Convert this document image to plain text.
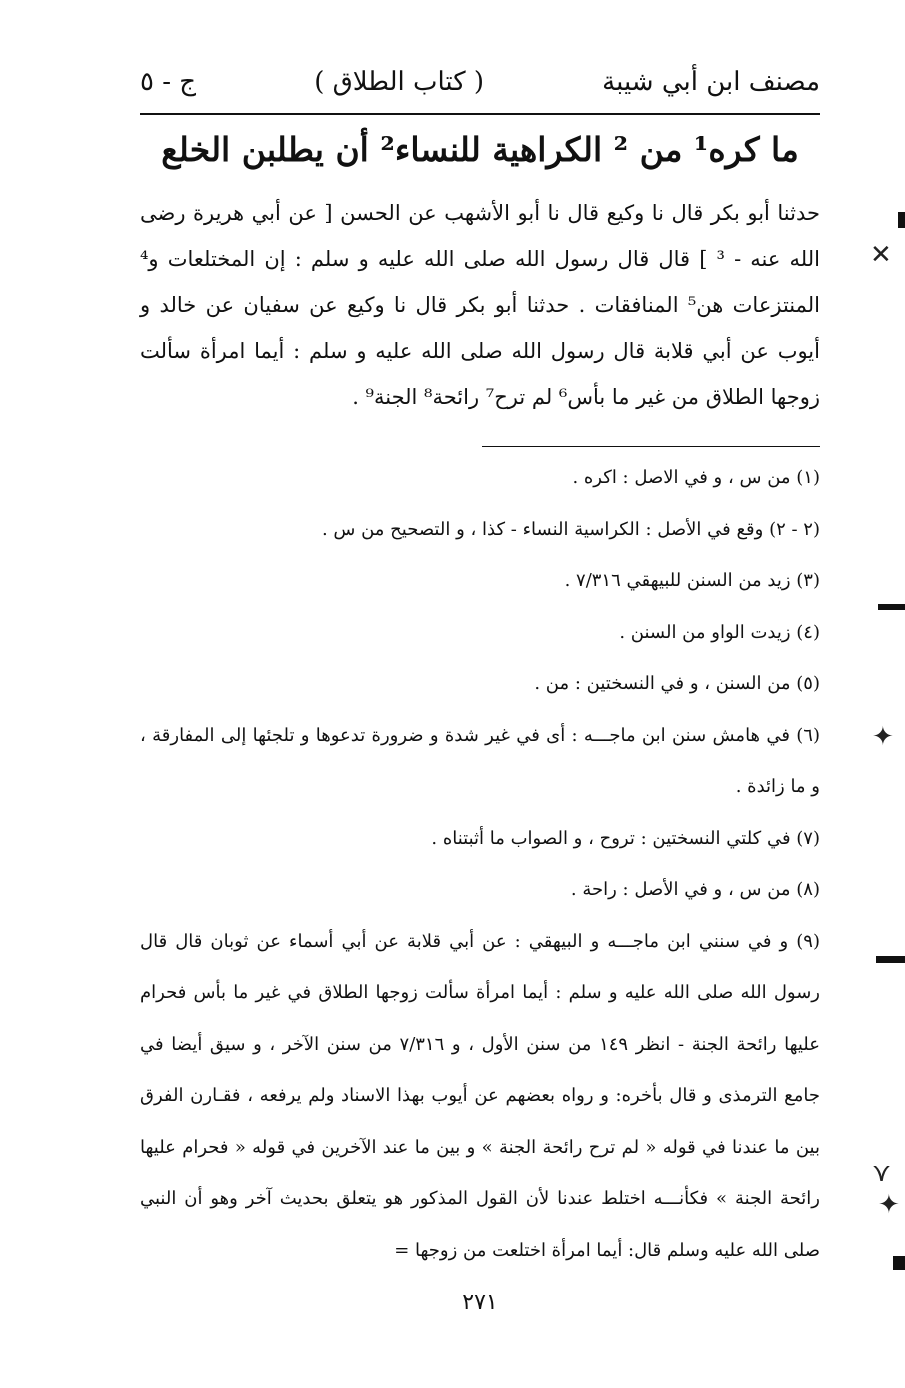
مصنف ابن أبي شيبة
( كتاب الطلاق )
ج - ٥
ما كره¹ من ² الكراهية للنساء² أن يطلبن الخلع

حدثنا أبو بكر قال نا وكيع قال نا أبو الأشهب عن الحسن [ عن أبي هريرة رضى الله عنه - ³ ] قال قال رسول الله صلى الله عليه و سلم : إن المختلعات و⁴ المنتزعات هن⁵ المنافقات . حدثنا أبو بكر قال نا وكيع عن سفيان عن خالد و أيوب عن أبي قلابة قال رسول الله صلى الله عليه و سلم : أيما امرأة سألت زوجها الطلاق من غير ما بأس⁶ لم ترح⁷ رائحة⁸ الجنة⁹ .

(١) من س ، و في الاصل : اكره .

(٢ - ٢) وقع في الأصل : الكراسية النساء - كذا ، و التصحيح من س .

(٣) زيد من السنن للبيهقي ٧/٣١٦ .

(٤) زيدت الواو من السنن .

(٥) من السنن ، و في النسختين : من .

(٦) في هامش سنن ابن ماجـــه : أى في غير شدة و ضرورة تدعوها و تلجئها إلى المفارقة ، و ما زائدة .

(٧) في كلتي النسختين : تروح ، و الصواب ما أثبتناه .

(٨) من س ، و في الأصل : راحة .

(٩) و في سنني ابن ماجـــه و البيهقي : عن أبي قلابة عن أبي أسماء عن ثوبان قال قال رسول الله صلى الله عليه و سلم : أيما امرأة سألت زوجها الطلاق في غير ما بأس فحرام عليها رائحة الجنة - انظر ١٤٩ من سنن الأول ، و ٧/٣١٦ من سنن الآخر ، و سيق أيضا في جامع الترمذى و قال بأخره: و رواه بعضهم عن أيوب بهذا الاسناد ولم يرفعه ، فقـارن الفرق بين ما عندنا في قوله « لم ترح رائحة الجنة » و بين ما عند الآخرين في قوله « فحرام عليها رائحة الجنة » فكأنـــه اختلط عندنا لأن القول المذكور هو يتعلق بحديث آخر وهو أن النبي صلى الله عليه وسلم قال: أيما امرأة اختلعت من زوجها =

٢٧١
✕
✦
⋎
✦
